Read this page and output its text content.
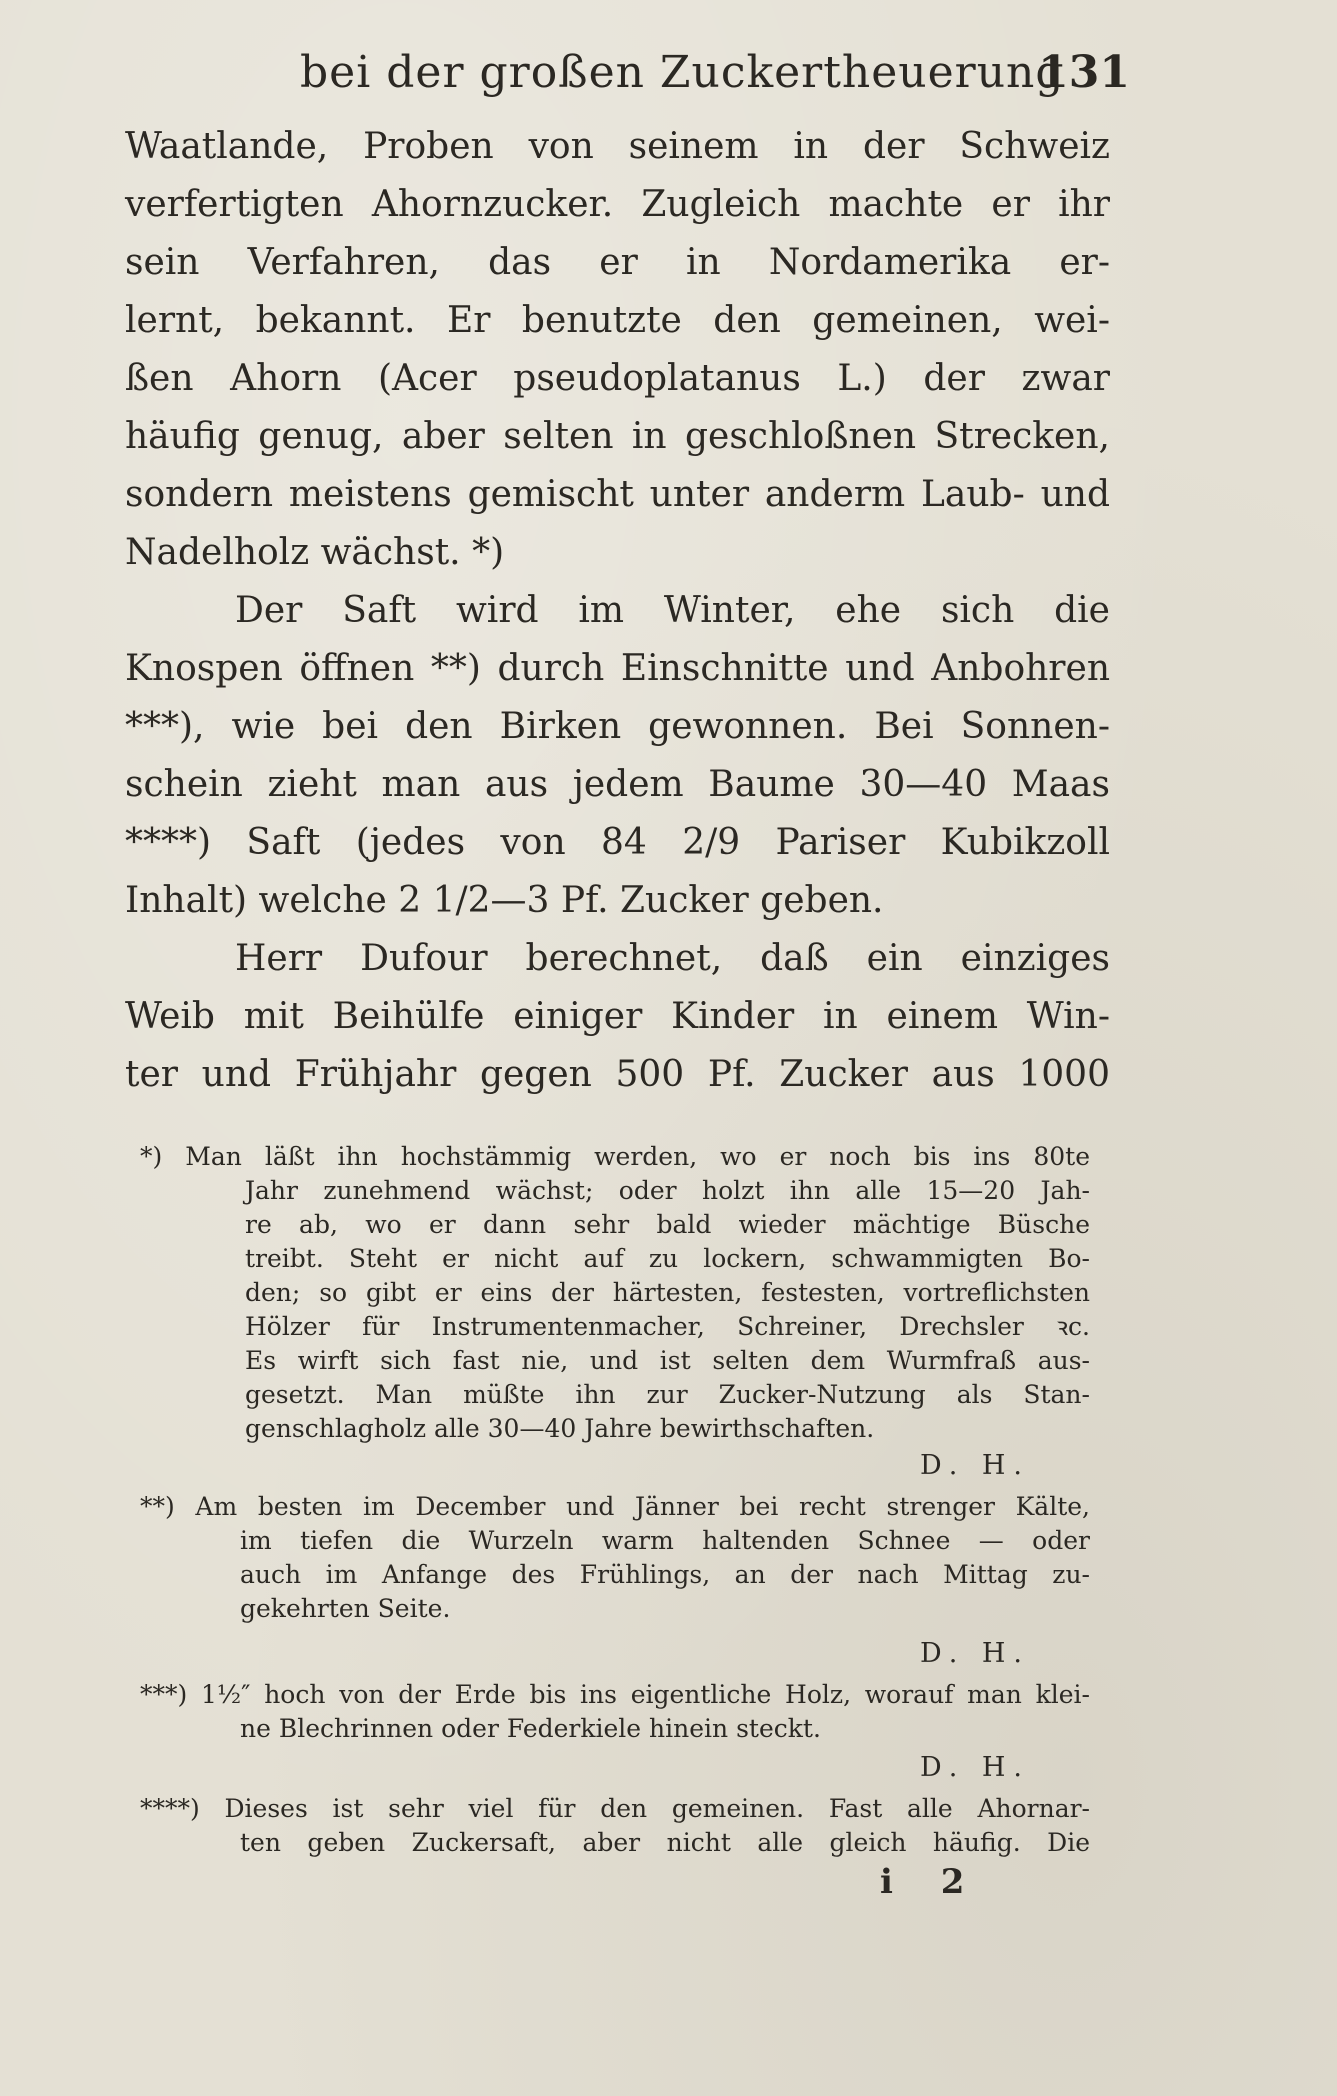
bei der großen Zuckertheuerung
131
Waatlande, Proben von seinem in der Schweiz
verfertigten Ahornzucker. Zugleich machte er ihr
sein Verfahren, das er in Nordamerika er-
lernt, bekannt. Er benutzte den gemeinen, wei-
ßen Ahorn (Acer pseudoplatanus L.) der zwar
häufig genug, aber selten in geschloßnen Strecken,
sondern meistens gemischt unter anderm Laub- und
Nadelholz wächst. *)
Der Saft wird im Winter, ehe sich die
Knospen öffnen **) durch Einschnitte und Anbohren
***), wie bei den Birken gewonnen. Bei Sonnen-
schein zieht man aus jedem Baume 30—40 Maas
****) Saft (jedes von 84 2/9 Pariser Kubikzoll
Inhalt) welche 2 1/2—3 Pf. Zucker geben.
Herr Dufour berechnet, daß ein einziges
Weib mit Beihülfe einiger Kinder in einem Win-
ter und Frühjahr gegen 500 Pf. Zucker aus 1000
*) Man läßt ihn hochstämmig werden, wo er noch bis ins 80te
Jahr zunehmend wächst; oder holzt ihn alle 15—20 Jah-
re ab, wo er dann sehr bald wieder mächtige Büsche
treibt. Steht er nicht auf zu lockern, schwammigten Bo-
den; so gibt er eins der härtesten, festesten, vortreflichsten
Hölzer für Instrumentenmacher, Schreiner, Drechsler ꝛc.
Es wirft sich fast nie, und ist selten dem Wurmfraß aus-
gesetzt. Man müßte ihn zur Zucker-Nutzung als Stan-
genschlagholz alle 30—40 Jahre bewirthschaften.
D. H.
**) Am besten im December und Jänner bei recht strenger Kälte,
im tiefen die Wurzeln warm haltenden Schnee — oder
auch im Anfange des Frühlings, an der nach Mittag zu-
gekehrten Seite.
D. H.
***) 1½″ hoch von der Erde bis ins eigentliche Holz, worauf man klei-
ne Blechrinnen oder Federkiele hinein steckt.
D. H.
****) Dieses ist sehr viel für den gemeinen. Fast alle Ahornar-
ten geben Zuckersaft, aber nicht alle gleich häufig. Die
i 2
